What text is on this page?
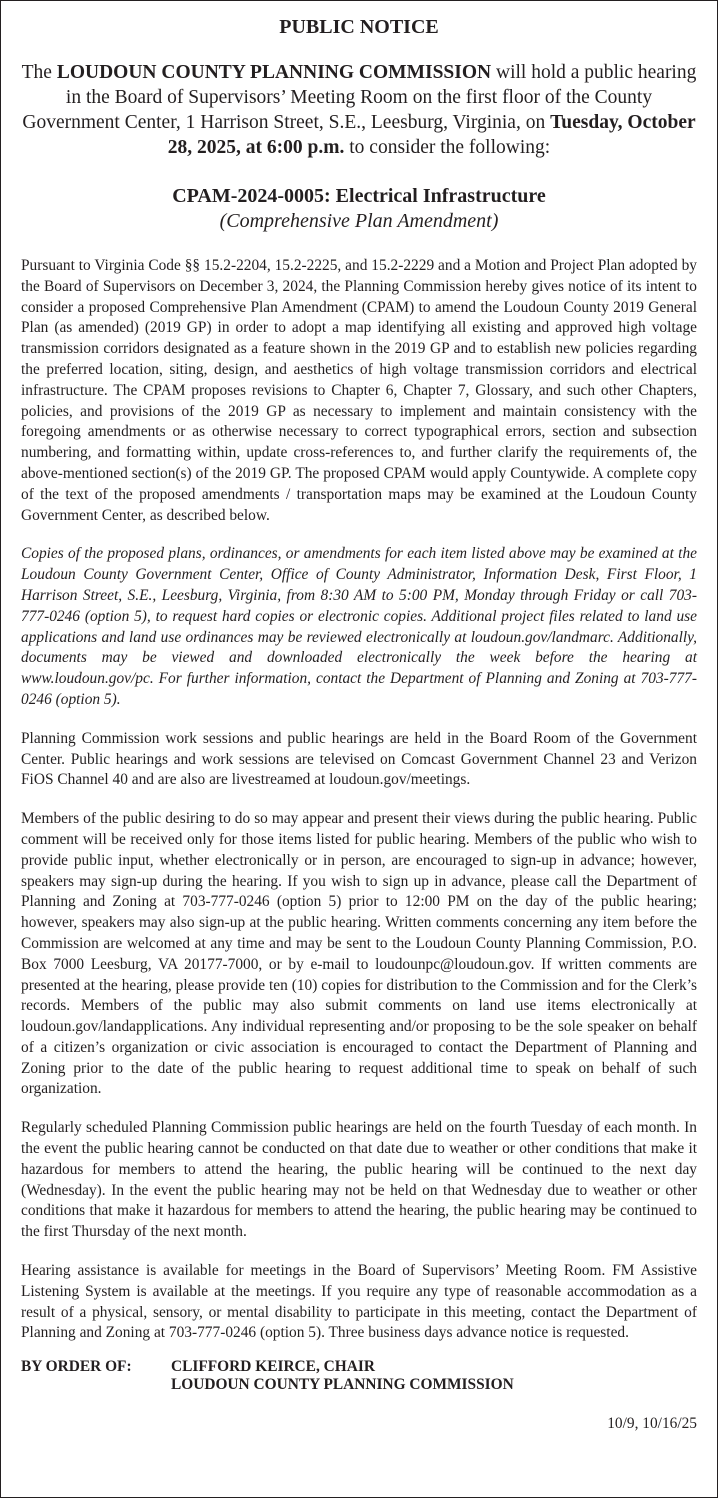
PUBLIC NOTICE

The LOUDOUN COUNTY PLANNING COMMISSION will hold a public hearing in the Board of Supervisors’ Meeting Room on the first floor of the County Government Center, 1 Harrison Street, S.E., Leesburg, Virginia, on Tuesday, October 28, 2025, at 6:00 p.m. to consider the following:

CPAM-2024-0005: Electrical Infrastructure
(Comprehensive Plan Amendment)

Pursuant to Virginia Code §§ 15.2-2204, 15.2-2225, and 15.2-2229 and a Motion and Project Plan adopted by the Board of Supervisors on December 3, 2024, the Planning Commission hereby gives notice of its intent to consider a proposed Comprehensive Plan Amendment (CPAM) to amend the Loudoun County 2019 General Plan (as amended) (2019 GP) in order to adopt a map identifying all existing and approved high voltage transmission corridors designated as a feature shown in the 2019 GP and to establish new policies regarding the preferred location, siting, design, and aesthetics of high voltage transmission corridors and electrical infrastructure. The CPAM proposes revisions to Chapter 6, Chapter 7, Glossary, and such other Chapters, policies, and provisions of the 2019 GP as necessary to implement and maintain consistency with the foregoing amendments or as otherwise necessary to correct typographical errors, section and subsection numbering, and formatting within, update cross-references to, and further clarify the requirements of, the above-mentioned section(s) of the 2019 GP. The proposed CPAM would apply Countywide. A complete copy of the text of the proposed amendments / transportation maps may be examined at the Loudoun County Government Center, as described below.

Copies of the proposed plans, ordinances, or amendments for each item listed above may be examined at the Loudoun County Government Center, Office of County Administrator, Information Desk, First Floor, 1 Harrison Street, S.E., Leesburg, Virginia, from 8:30 AM to 5:00 PM, Monday through Friday or call 703-777-0246 (option 5), to request hard copies or electronic copies. Additional project files related to land use applications and land use ordinances may be reviewed electronically at loudoun.gov/landmarc. Additionally, documents may be viewed and downloaded electronically the week before the hearing at www.loudoun.gov/pc. For further information, contact the Department of Planning and Zoning at 703-777-0246 (option 5).

Planning Commission work sessions and public hearings are held in the Board Room of the Government Center. Public hearings and work sessions are televised on Comcast Government Channel 23 and Verizon FiOS Channel 40 and are also are livestreamed at loudoun.gov/meetings.

Members of the public desiring to do so may appear and present their views during the public hearing. Public comment will be received only for those items listed for public hearing. Members of the public who wish to provide public input, whether electronically or in person, are encouraged to sign-up in advance; however, speakers may sign-up during the hearing. If you wish to sign up in advance, please call the Department of Planning and Zoning at 703-777-0246 (option 5) prior to 12:00 PM on the day of the public hearing; however, speakers may also sign-up at the public hearing. Written comments concerning any item before the Commission are welcomed at any time and may be sent to the Loudoun County Planning Commission, P.O. Box 7000 Leesburg, VA 20177-7000, or by e-mail to loudounpc@loudoun.gov. If written comments are presented at the hearing, please provide ten (10) copies for distribution to the Commission and for the Clerk’s records. Members of the public may also submit comments on land use items electronically at loudoun.gov/landapplications. Any individual representing and/or proposing to be the sole speaker on behalf of a citizen’s organization or civic association is encouraged to contact the Department of Planning and Zoning prior to the date of the public hearing to request additional time to speak on behalf of such organization.

Regularly scheduled Planning Commission public hearings are held on the fourth Tuesday of each month. In the event the public hearing cannot be conducted on that date due to weather or other conditions that make it hazardous for members to attend the hearing, the public hearing will be continued to the next day (Wednesday). In the event the public hearing may not be held on that Wednesday due to weather or other conditions that make it hazardous for members to attend the hearing, the public hearing may be continued to the first Thursday of the next month.

Hearing assistance is available for meetings in the Board of Supervisors’ Meeting Room. FM Assistive Listening System is available at the meetings. If you require any type of reasonable accommodation as a result of a physical, sensory, or mental disability to participate in this meeting, contact the Department of Planning and Zoning at 703-777-0246 (option 5). Three business days advance notice is requested.

BY ORDER OF:	CLIFFORD KEIRCE, CHAIR
LOUDOUN COUNTY PLANNING COMMISSION
10/9, 10/16/25
